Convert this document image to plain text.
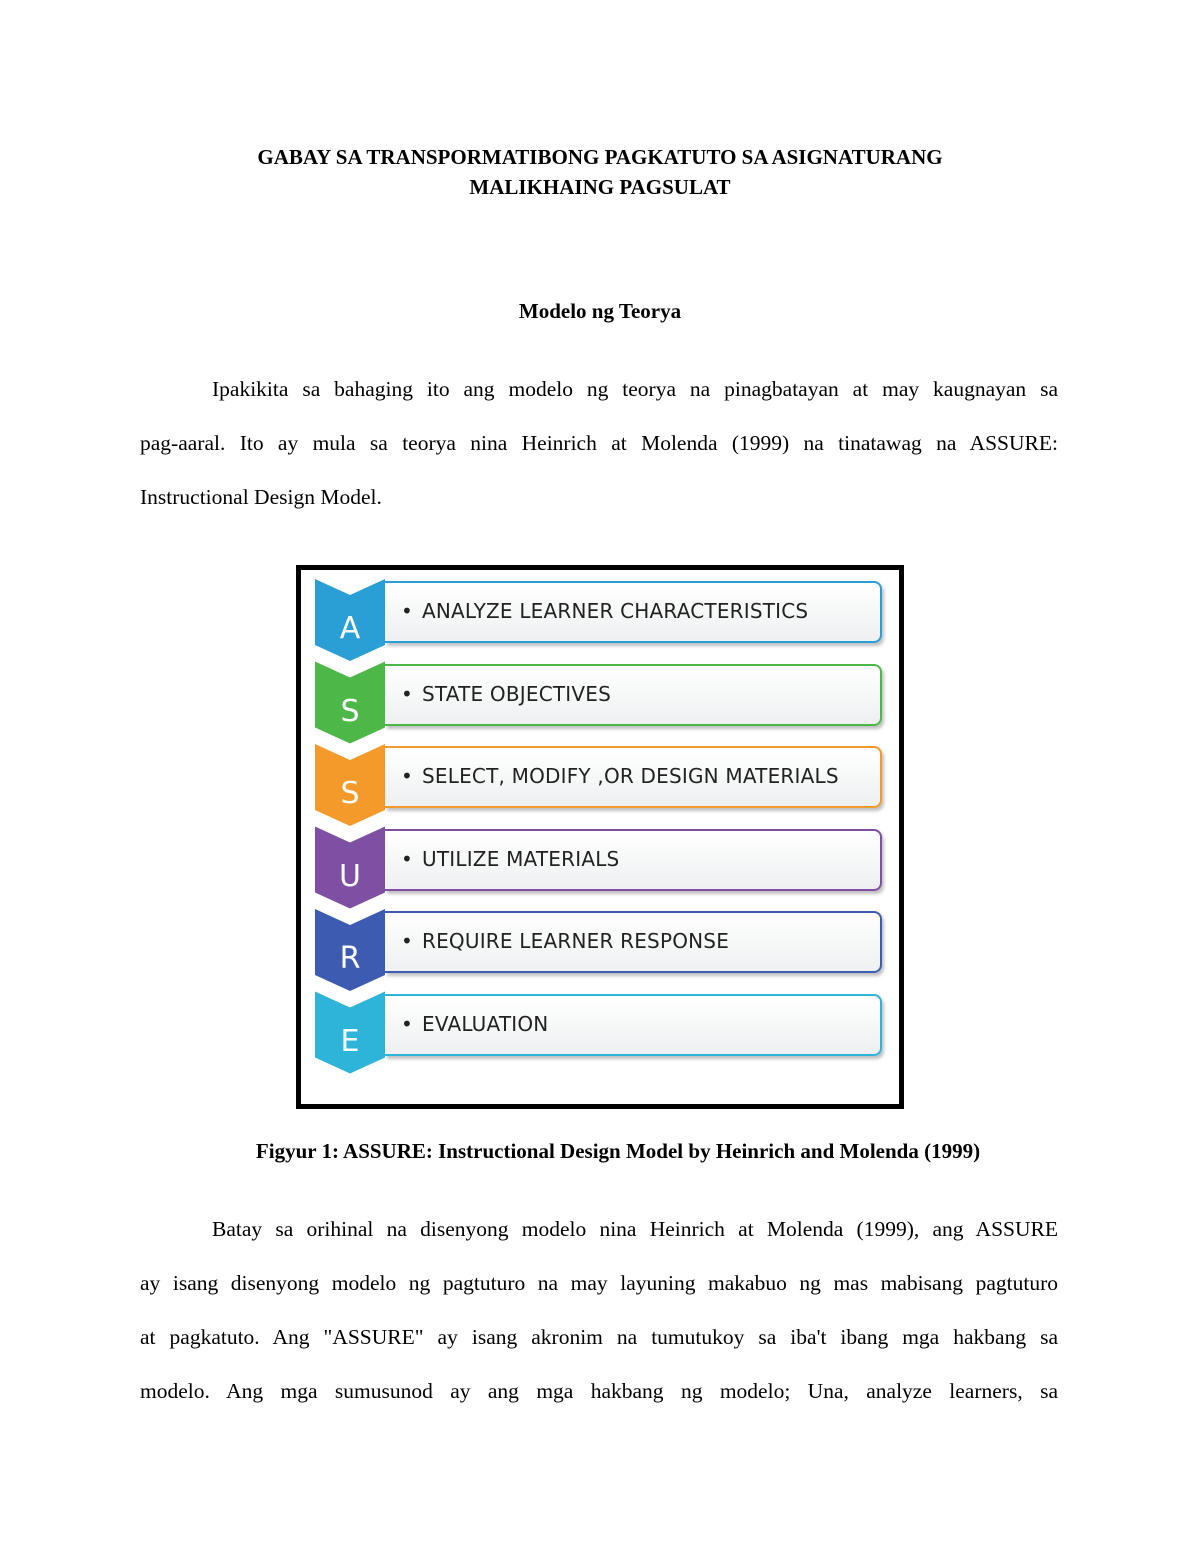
GABAY SA TRANSPORMATIBONG PAGKATUTO SA ASIGNATURANG
MALIKHAING PAGSULAT
Modelo ng Teorya
Ipakikita sa bahaging ito ang modelo ng teorya na pinagbatayan at may kaugnayan sa
pag-aaral. Ito ay mula sa teorya nina Heinrich at Molenda (1999) na tinatawag na ASSURE:
Instructional Design Model.
• ANALYZE LEARNER CHARACTERISTICS
A
• STATE OBJECTIVES
S
• SELECT, MODIFY ,OR DESIGN MATERIALS
S
• UTILIZE MATERIALS
U
• REQUIRE LEARNER RESPONSE
R
• EVALUATION
E
Figyur 1: ASSURE: Instructional Design Model by Heinrich and Molenda (1999)
Batay sa orihinal na disenyong modelo nina Heinrich at Molenda (1999), ang ASSURE
ay isang disenyong modelo ng pagtuturo na may layuning makabuo ng mas mabisang pagtuturo
at pagkatuto. Ang "ASSURE" ay isang akronim na tumutukoy sa iba't ibang mga hakbang sa
modelo. Ang mga sumusunod ay ang mga hakbang ng modelo; Una, analyze learners, sa
